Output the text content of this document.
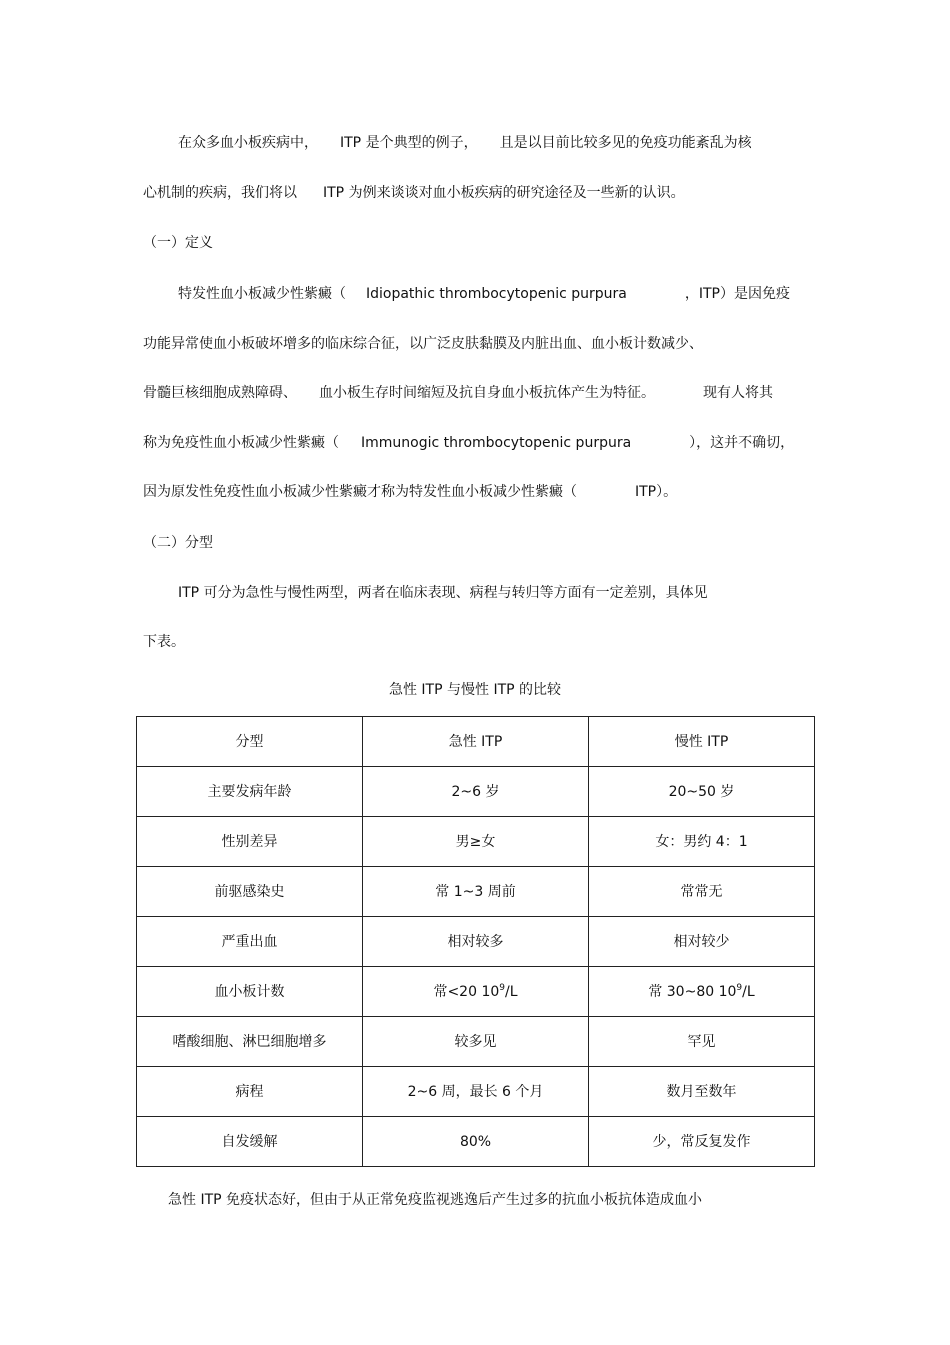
在众多血小板疾病中， ITP 是个典型的例子， 且是以目前比较多见的免疫功能紊乱为核
心机制的疾病，我们将以 ITP 为例来谈谈对血小板疾病的研究途径及一些新的认识。
（一）定义
特发性血小板减少性紫癜（ Idiopathic thrombocytopenic purpura	，ITP）是因免疫
功能异常使血小板破坏增多的临床综合征，以广泛皮肤黏膜及内脏出血、血小板计数减少、
骨髓巨核细胞成熟障碍、 血小板生存时间缩短及抗自身血小板抗体产生为特征。	现有人将其
称为免疫性血小板减少性紫癜（ Immunogic thrombocytopenic purpura	），这并不确切，
因为原发性免疫性血小板减少性紫癜才称为特发性血小板减少性紫癜（	ITP）。
（二）分型
ITP 可分为急性与慢性两型，两者在临床表现、病程与转归等方面有一定差别，具体见
下表。
急性 ITP 与慢性 ITP 的比较
分型	急性 ITP	慢性 ITP
主要发病年龄	2~6 岁	20~50 岁
性别差异	男≥女	女：男约 4：1
前驱感染史	常 1~3 周前	常常无
严重出血	相对较多	相对较少
血小板计数	常<20 $10^9/L$	常 30~80 $10^9/L$
嗜酸细胞、淋巴细胞增多	较多见	罕见
病程	2~6 周，最长 6 个月	数月至数年
自发缓解	80%	少，常反复发作
急性 ITP 免疫状态好，但由于从正常免疫监视逃逸后产生过多的抗血小板抗体造成血小
